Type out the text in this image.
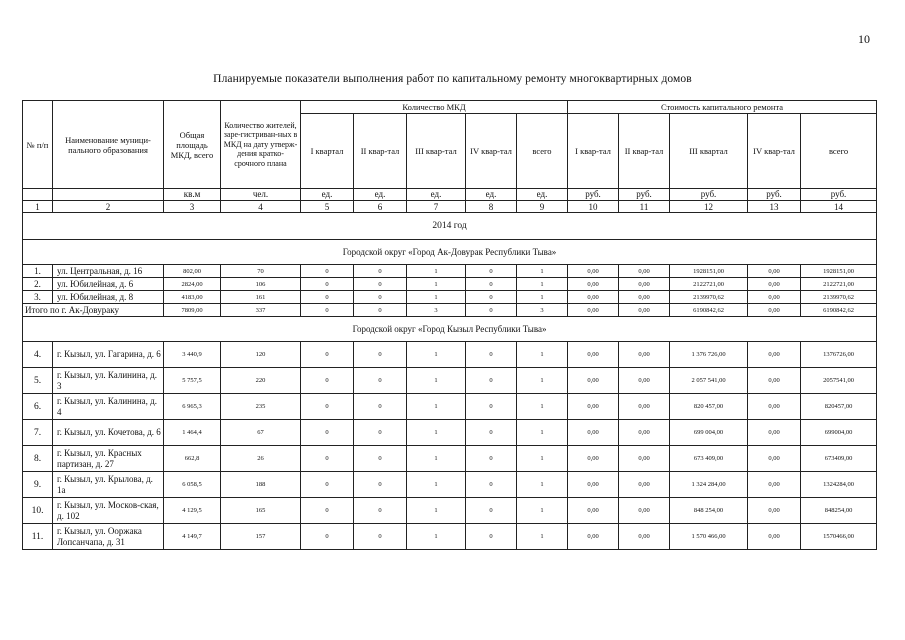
10
Планируемые показатели выполнения работ по капитальному ремонту многоквартирных домов
№ п/п	Наименование муници-пального образования	Общая площадь МКД, всего	Количество жителей, заре-гистриван-ных в МКД на дату утверж-дения кратко-срочного плана	Количество МКД					Стоимость капитального ремонта				
				I квартал	II квар-тал	III квар-тал	IV квар-тал	всего	I квар-тал	II квар-тал	III квартал	IV квар-тал	всего
		кв.м	чел.	ед.	ед.	ед.	ед.	ед.	руб.	руб.	руб.	руб.	руб.
1	2	3	4	5	6	7	8	9	10	11	12	13	14
2014 год													
Городской округ «Город Ак-Довурак Республики Тыва»													
1.	ул. Центральная, д. 16	802,00	70	0	0	1	0	1	0,00	0,00	1928151,00	0,00	1928151,00
2.	ул. Юбилейная, д. 6	2824,00	106	0	0	1	0	1	0,00	0,00	2122721,00	0,00	2122721,00
3.	ул. Юбилейная, д. 8	4183,00	161	0	0	1	0	1	0,00	0,00	2139970,62	0,00	2139970,62
Итого по г. Ак-Довураку		7809,00	337	0	0	3	0	3	0,00	0,00	6190842,62	0,00	6190842,62
Городской округ «Город Кызыл Республики Тыва»													
4.	г. Кызыл, ул. Гагарина, д. 6	3 440,9	120	0	0	1	0	1	0,00	0,00	1 376 726,00	0,00	1376726,00
5.	г. Кызыл, ул. Калинина, д. 3	5 757,5	220	0	0	1	0	1	0,00	0,00	2 057 541,00	0,00	2057541,00
6.	г. Кызыл, ул. Калинина, д. 4	6 965,3	235	0	0	1	0	1	0,00	0,00	820 457,00	0,00	820457,00
7.	г. Кызыл, ул. Кочетова, д. 6	1 464,4	67	0	0	1	0	1	0,00	0,00	699 004,00	0,00	699004,00
8.	г. Кызыл, ул. Красных партизан, д. 27	662,8	26	0	0	1	0	1	0,00	0,00	673 409,00	0,00	673409,00
9.	г. Кызыл, ул. Крылова, д. 1а	6 058,5	188	0	0	1	0	1	0,00	0,00	1 324 284,00	0,00	1324284,00
10.	г. Кызыл, ул. Москов-ская, д. 102	4 129,5	165	0	0	1	0	1	0,00	0,00	848 254,00	0,00	848254,00
11.	г. Кызыл, ул. Ооржака Лопсанчапа, д. 31	4 149,7	157	0	0	1	0	1	0,00	0,00	1 570 466,00	0,00	1570466,00
